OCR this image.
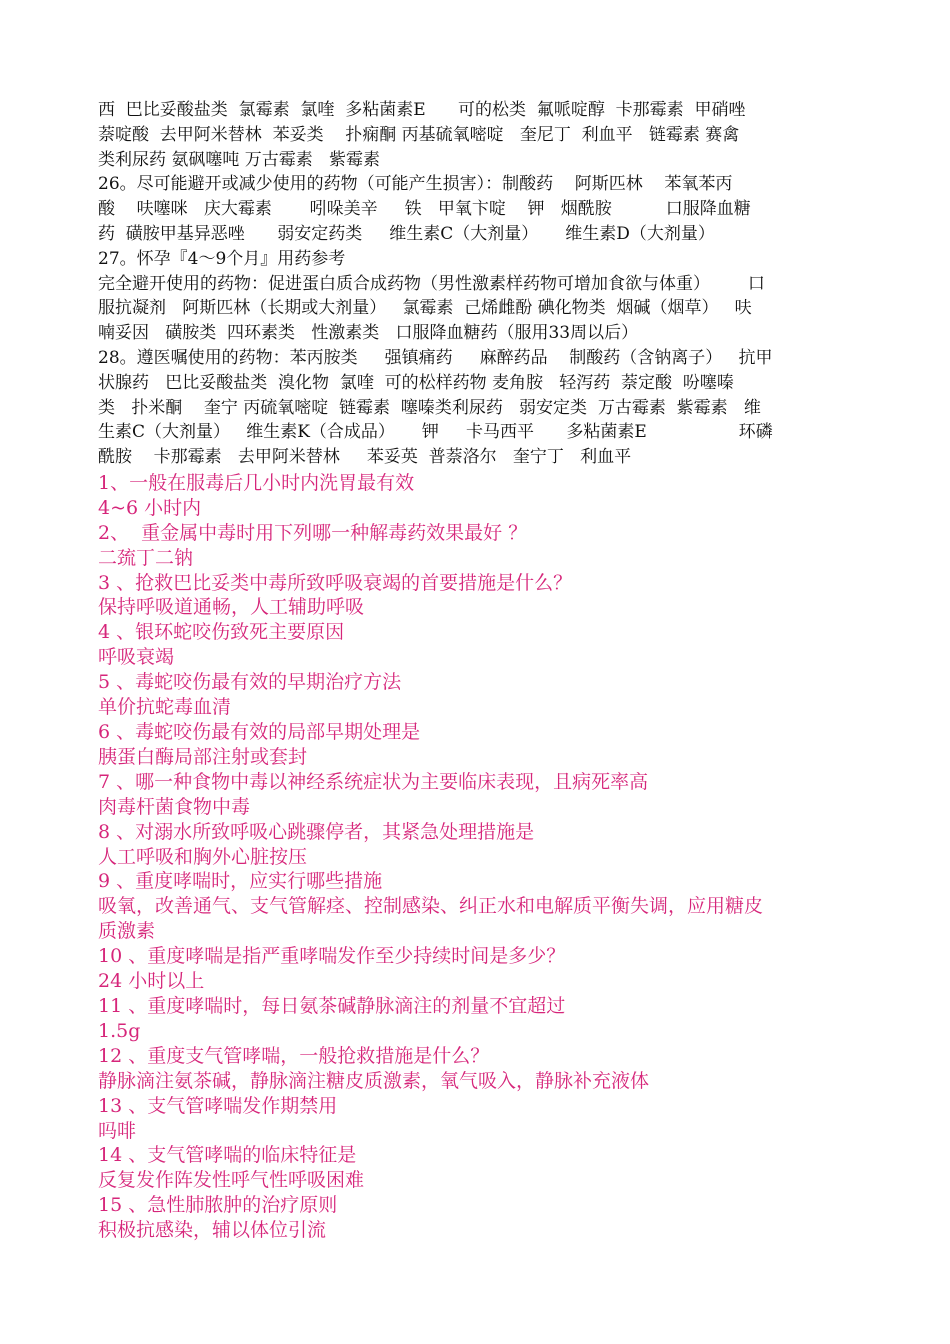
西  巴比妥酸盐类  氯霉素  氯喹  多粘菌素E      可的松类  氟哌啶醇  卡那霉素  甲硝唑

萘啶酸  去甲阿米替林  苯妥类    扑痫酮 丙基硫氧嘧啶   奎尼丁  利血平   链霉素 赛禽

类利尿药 氨砜噻吨 万古霉素   紫霉素

26。尽可能避开或减少使用的药物（可能产生损害）：制酸药    阿斯匹林    苯氧苯丙

酸    呋噻咪   庆大霉素       吲哚美辛     铁   甲氧卞啶    钾   烟酰胺          口服降血糖

药  磺胺甲基异恶唑      弱安定药类     维生素C（大剂量）     维生素D（大剂量）

27。怀孕『4～9个月』用药参考

完全避开使用的药物：促进蛋白质合成药物（男性激素样药物可增加食欲与体重）       口

服抗凝剂   阿斯匹林（长期或大剂量）   氯霉素  己烯雌酚 碘化物类  烟碱（烟草）   呋

喃妥因   磺胺类  四环素类   性激素类   口服降血糖药（服用33周以后）

28。遵医嘱使用的药物：苯丙胺类     强镇痛药     麻醉药品    制酸药（含钠离子）   抗甲

状腺药   巴比妥酸盐类  溴化物  氯喹  可的松样药物 麦角胺   轻泻药  萘定酸  吩噻嗪

类   扑米酮    奎宁 丙硫氧嘧啶  链霉素  噻嗪类利尿药   弱安定类  万古霉素  紫霉素   维

生素C（大剂量）   维生素K（合成品）     钾     卡马西平      多粘菌素E                 环磷

酰胺    卡那霉素   去甲阿米替林     苯妥英  普萘洛尔   奎宁丁   利血平

1、一般在服毒后几小时内洗胃最有效

4~6 小时内

2、  重金属中毒时用下列哪一种解毒药效果最好 ？

二巯丁二钠

3 、抢救巴比妥类中毒所致呼吸衰竭的首要措施是什么？

保持呼吸道通畅，人工辅助呼吸

4 、银环蛇咬伤致死主要原因

呼吸衰竭

5 、毒蛇咬伤最有效的早期治疗方法

单价抗蛇毒血清

6 、毒蛇咬伤最有效的局部早期处理是

胰蛋白酶局部注射或套封

7 、哪一种食物中毒以神经系统症状为主要临床表现，且病死率高

肉毒杆菌食物中毒

8 、对溺水所致呼吸心跳骤停者，其紧急处理措施是

人工呼吸和胸外心脏按压

9 、重度哮喘时，应实行哪些措施

吸氧，改善通气、支气管解痉、控制感染、纠正水和电解质平衡失调，应用糖皮

质激素

10 、重度哮喘是指严重哮喘发作至少持续时间是多少？

24 小时以上

11 、重度哮喘时，每日氨茶碱静脉滴注的剂量不宜超过

1.5g

12 、重度支气管哮喘，一般抢救措施是什么？

静脉滴注氨茶碱，静脉滴注糖皮质激素，氧气吸入，静脉补充液体

13 、支气管哮喘发作期禁用

吗啡

14 、支气管哮喘的临床特征是

反复发作阵发性呼气性呼吸困难

15 、急性肺脓肿的治疗原则

积极抗感染，辅以体位引流
